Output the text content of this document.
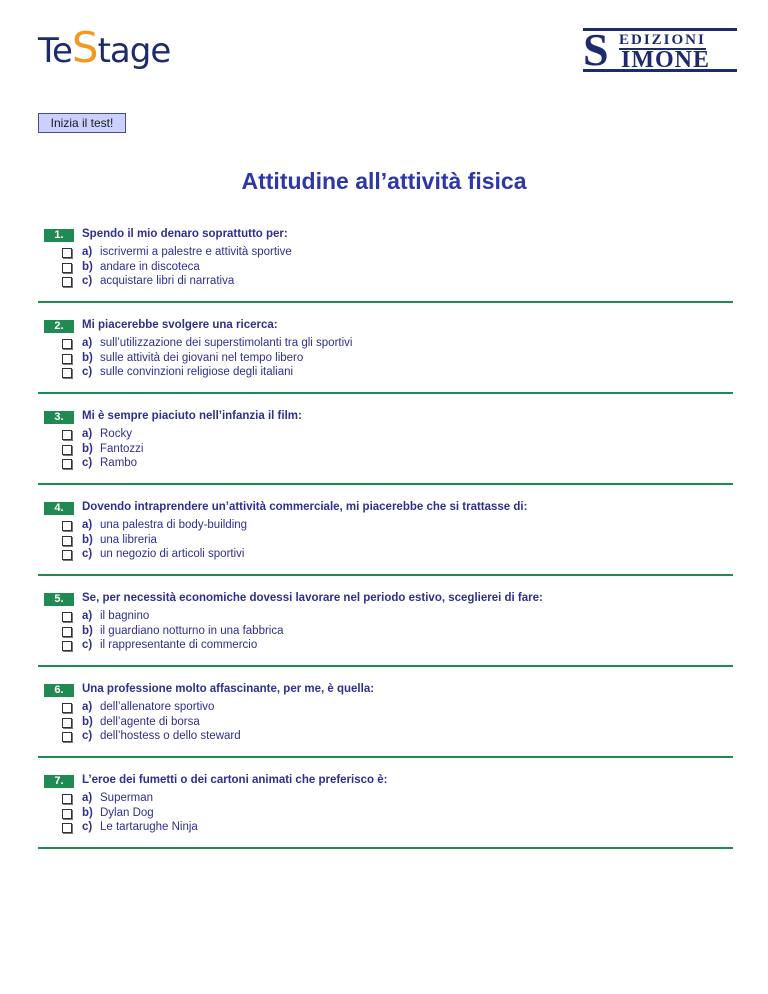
TeStage	S EDIZIONI
IMONE
Inizia il test!
Attitudine all’attività fisica
1.	Spendo il mio denaro soprattutto per:
a) iscrivermi a palestre e attività sportive
b) andare in discoteca
c) acquistare libri di narrativa
2.	Mi piacerebbe svolgere una ricerca:
a) sull’utilizzazione dei superstimolanti tra gli sportivi
b) sulle attività dei giovani nel tempo libero
c) sulle convinzioni religiose degli italiani
3.	Mi è sempre piaciuto nell’infanzia il film:
a) Rocky
b) Fantozzi
c) Rambo
4.	Dovendo intraprendere un’attività commerciale, mi piacerebbe che si trattasse di:
a) una palestra di body-building
b) una libreria
c) un negozio di articoli sportivi
5.	Se, per necessità economiche dovessi lavorare nel periodo estivo, sceglierei di fare:
a) il bagnino
b) il guardiano notturno in una fabbrica
c) il rappresentante di commercio
6.	Una professione molto affascinante, per me, è quella:
a) dell’allenatore sportivo
b) dell’agente di borsa
c) dell’hostess o dello steward
7.	L’eroe dei fumetti o dei cartoni animati che preferisco è:
a) Superman
b) Dylan Dog
c) Le tartarughe Ninja
